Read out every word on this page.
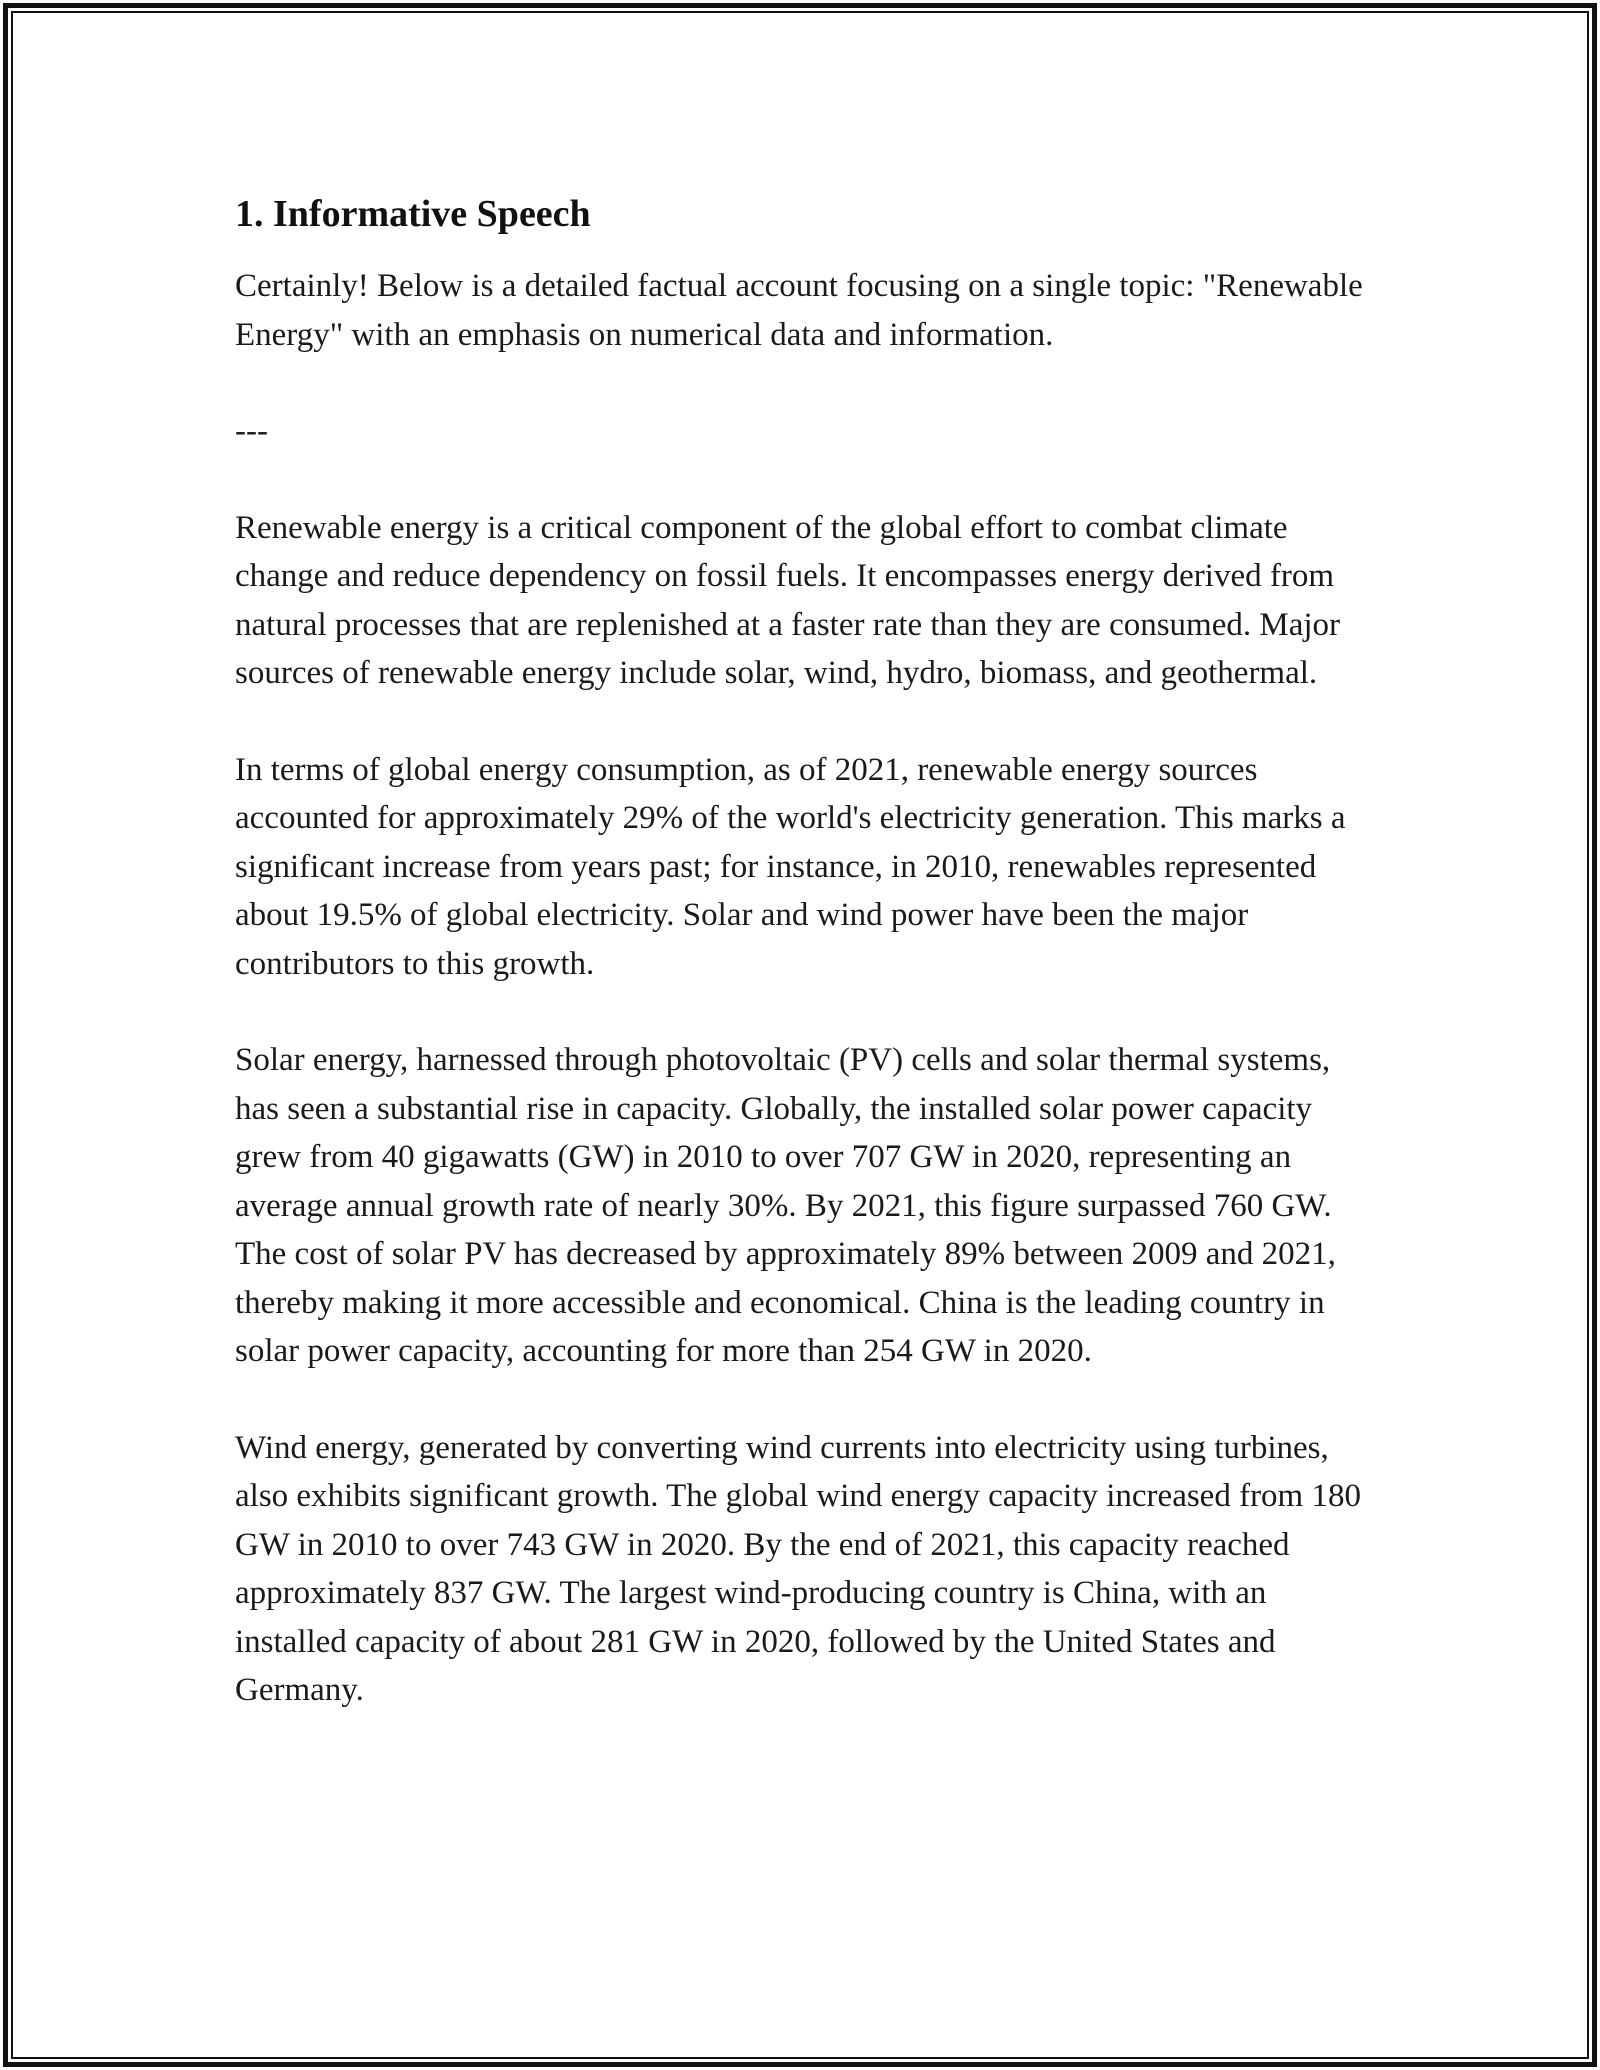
1. Informative Speech

Certainly! Below is a detailed factual account focusing on a single topic: "Renewable Energy" with an emphasis on numerical data and information.

---

Renewable energy is a critical component of the global effort to combat climate change and reduce dependency on fossil fuels. It encompasses energy derived from natural processes that are replenished at a faster rate than they are consumed. Major sources of renewable energy include solar, wind, hydro, biomass, and geothermal.

In terms of global energy consumption, as of 2021, renewable energy sources accounted for approximately 29% of the world's electricity generation. This marks a significant increase from years past; for instance, in 2010, renewables represented about 19.5% of global electricity. Solar and wind power have been the major contributors to this growth.

Solar energy, harnessed through photovoltaic (PV) cells and solar thermal systems, has seen a substantial rise in capacity. Globally, the installed solar power capacity grew from 40 gigawatts (GW) in 2010 to over 707 GW in 2020, representing an average annual growth rate of nearly 30%. By 2021, this figure surpassed 760 GW. The cost of solar PV has decreased by approximately 89% between 2009 and 2021, thereby making it more accessible and economical. China is the leading country in solar power capacity, accounting for more than 254 GW in 2020.

Wind energy, generated by converting wind currents into electricity using turbines, also exhibits significant growth. The global wind energy capacity increased from 180 GW in 2010 to over 743 GW in 2020. By the end of 2021, this capacity reached approximately 837 GW. The largest wind-producing country is China, with an installed capacity of about 281 GW in 2020, followed by the United States and Germany.
